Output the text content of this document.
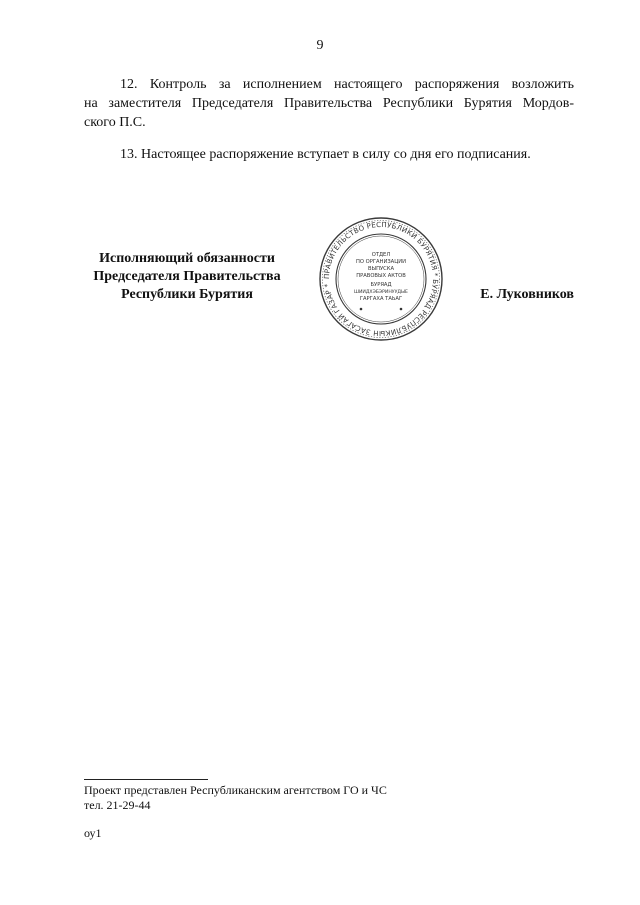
9

12. Контроль за исполнением настоящего распоряжения возложить
на заместителя Председателя Правительства Республики Бурятия Мордов-
ского П.С.

13. Настоящее распоряжение вступает в силу со дня его подписания.

Исполняющий обязанности
Председателя Правительства
Республики Бурятия
ПРАВИТЕЛЬСТВО РЕСПУБЛИКИ БУРЯТИЯ * БУРЯАД РЕСПУБЛИКЫН ЗАСАГАЙ ГАЗАР *
ОТДЕЛ
ПО ОРГАНИЗАЦИИ
ВЫПУСКА
ПРАВОВЫХ АКТОВ
БУРЯАД
ШИИДХЭБЭРИНУУДЫЕ
ГАРГАХА ТАЬАГ	Е. Луковников
Проект представлен Республиканским агентством ГО и ЧС
тел. 21-29-44
оу1
